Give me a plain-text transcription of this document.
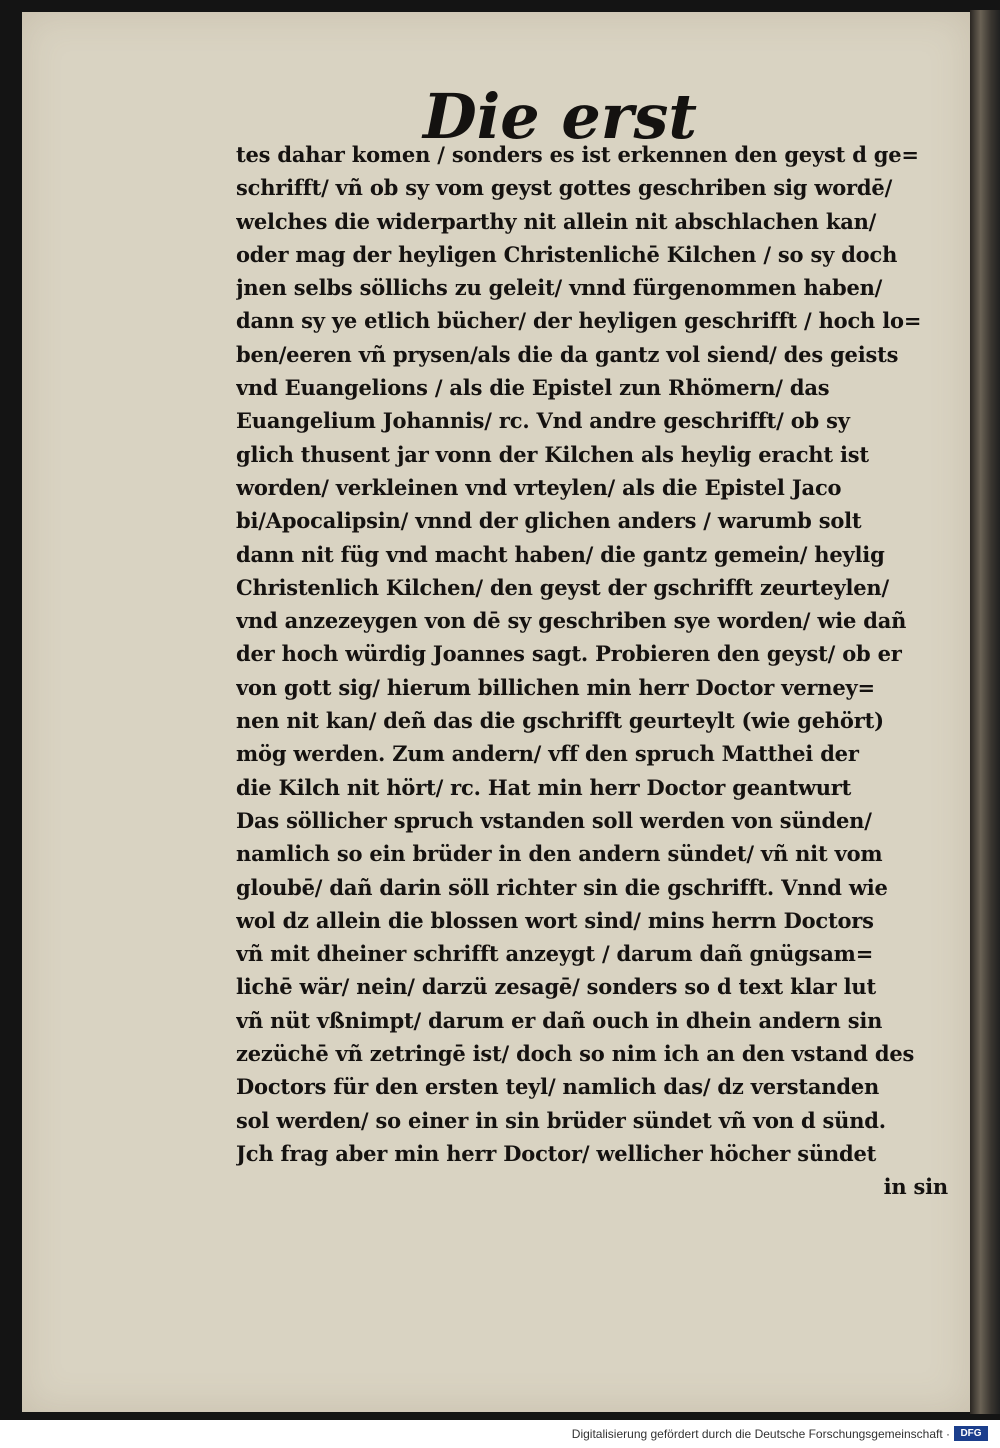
Die erst
tes dahar komen / sonders es ist erkennen den geyst d ge=
schrifft/ vñ ob sy vom geyst gottes geschriben sig wordē/
welches die widerparthy nit allein nit abschlachen kan/
oder mag der heyligen Christenlichē Kilchen / so sy doch
jnen selbs söllichs zu geleit/ vnnd fürgenommen haben/
dann sy ye etlich bücher/ der heyligen geschrifft / hoch lo=
ben/eeren vñ prysen/als die da gantz vol siend/ des geists
vnd Euangelions / als die Epistel zun Rhömern/ das
Euangelium Johannis/ rc. Vnd andre geschrifft/ ob sy
glich thusent jar vonn der Kilchen als heylig eracht ist
worden/ verkleinen vnd vrteylen/ als die Epistel Jaco
bi/Apocalipsin/ vnnd der glichen anders / warumb solt
dann nit füg vnd macht haben/ die gantz gemein/ heylig
Christenlich Kilchen/ den geyst der gschrifft zeurteylen/
vnd anzezeygen von dē sy geschriben sye worden/ wie dañ
der hoch würdig Joannes sagt. Probieren den geyst/ ob er
von gott sig/ hierum billichen min herr Doctor verney=
nen nit kan/ deñ das die gschrifft geurteylt (wie gehört)
mög werden. Zum andern/ vff den spruch Matthei der
die Kilch nit hört/ rc. Hat min herr Doctor geantwurt
Das söllicher spruch vstanden soll werden von sünden/
namlich so ein brüder in den andern sündet/ vñ nit vom
gloubē/ dañ darin söll richter sin die gschrifft. Vnnd wie
wol dz allein die blossen wort sind/ mins herrn Doctors
vñ mit dheiner schrifft anzeygt / darum dañ gnügsam=
lichē wär/ nein/ darzü zesagē/ sonders so d text klar lut
vñ nüt vßnimpt/ darum er dañ ouch in dhein andern sin
zezüchē vñ zetringē ist/ doch so nim ich an den vstand des
Doctors für den ersten teyl/ namlich das/ dz verstanden
sol werden/ so einer in sin brüder sündet vñ von d sünd.
Jch frag aber min herr Doctor/ wellicher höcher sündet
in sin
Digitalisierung gefördert durch die Deutsche Forschungsgemeinschaft ·	DFG
